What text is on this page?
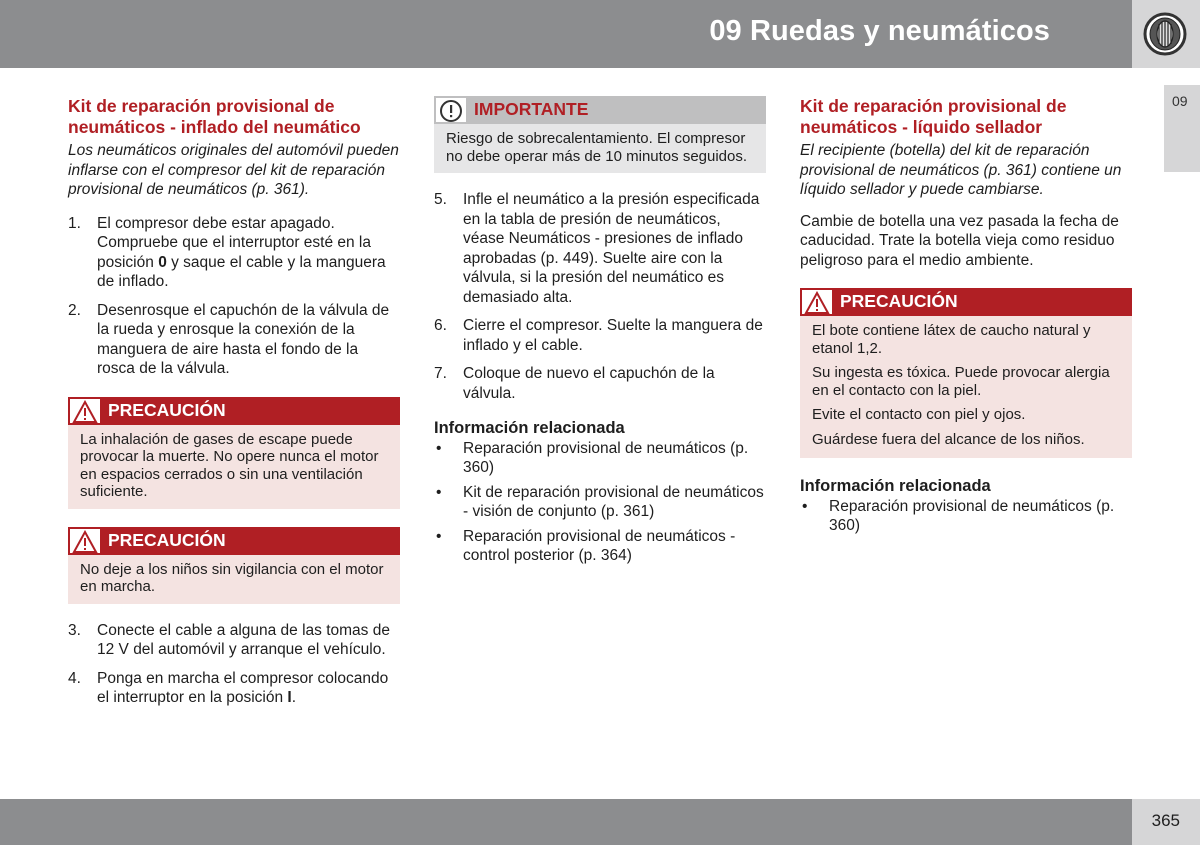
09 Ruedas y neumáticos
09
Kit de reparación provisional de neumáticos - inflado del neumático

Los neumáticos originales del automóvil pueden inflarse con el compresor del kit de reparación provisional de neumáticos (p. 361).

1. El compresor debe estar apagado. Compruebe que el interruptor esté en la posición 0 y saque el cable y la manguera de inflado.
2. Desenrosque el capuchón de la válvula de la rueda y enrosque la conexión de la manguera de aire hasta el fondo de la rosca de la válvula.
PRECAUCIÓN

La inhalación de gases de escape puede provocar la muerte. No opere nunca el motor en espacios cerrados o sin una ventilación suficiente.

PRECAUCIÓN

No deje a los niños sin vigilancia con el motor en marcha.

3. Conecte el cable a alguna de las tomas de 12 V del automóvil y arranque el vehículo.
4. Ponga en marcha el compresor colocando el interruptor en la posición I.
IMPORTANTE

Riesgo de sobrecalentamiento. El compresor no debe operar más de 10 minutos seguidos.

5. Infle el neumático a la presión especificada en la tabla de presión de neumáticos, véase Neumáticos - presiones de inflado aprobadas (p. 449). Suelte aire con la válvula, si la presión del neumático es demasiado alta.
6. Cierre el compresor. Suelte la manguera de inflado y el cable.
7. Coloque de nuevo el capuchón de la válvula.
Información relacionada
• Reparación provisional de neumáticos (p. 360)
• Kit de reparación provisional de neumáticos - visión de conjunto (p. 361)
• Reparación provisional de neumáticos - control posterior (p. 364)
Kit de reparación provisional de neumáticos - líquido sellador

El recipiente (botella) del kit de reparación provisional de neumáticos (p. 361) contiene un líquido sellador y puede cambiarse.

Cambie de botella una vez pasada la fecha de caducidad. Trate la botella vieja como residuo peligroso para el medio ambiente.

PRECAUCIÓN

El bote contiene látex de caucho natural y etanol 1,2.

Su ingesta es tóxica. Puede provocar alergia en el contacto con la piel.

Evite el contacto con piel y ojos.

Guárdese fuera del alcance de los niños.

Información relacionada
• Reparación provisional de neumáticos (p. 360)
365
